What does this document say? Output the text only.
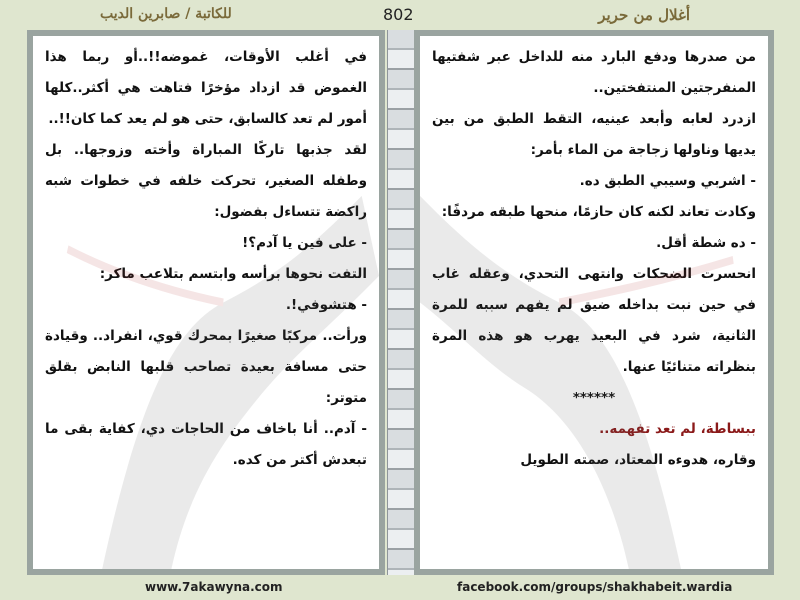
للكاتبة / صابرين الديب	802	أغلال من حرير

في أغلب الأوقات، غموضه!!..أو ربما هذا الغموض قد ازداد مؤخرًا فتاهت هي أكثر..كلها أمور لم تعد كالسابق، حتى هو لم يعد كما كان!!..

لقد جذبها تاركًا المباراة وأخته وزوجها.. بل وطفله الصغير، تحركت خلفه في خطوات شبه راكضة تتساءل بفضول:

- على فين يا آدم؟!

التفت نحوها برأسه وابتسم بتلاعب ماكر:

- هتشوفي!.

ورأت.. مركبًا صغيرًا بمحرك قوي، انفراد.. وقيادة حتى مسافة بعيدة تصاحب قلبها النابض بقلق متوتر:

- آدم.. أنا باخاف من الحاجات دي، كفاية بقى ما تبعدش أكتر من كده.

من صدرها ودفع البارد منه للداخل عبر شفتيها المنفرجتين المنتفختين..

ازدرد لعابه وأبعد عينيه، التقط الطبق من بين يديها وناولها زجاجة من الماء بأمر:

- اشربي وسيبي الطبق ده.

وكادت تعاند لكنه كان حازمًا، منحها طبقه مردفًا:

- ده شطة أقل.

انحسرت الضحكات وانتهى التحدي، وعقله غاب في حين نبت بداخله ضيق لم يفهم سببه للمرة الثانية، شرد في البعيد يهرب هو هذه المرة بنظراته متنائيًا عنها.

******

ببساطة، لم تعد تفهمه..

وقاره، هدوءه المعتاد، صمته الطويل

www.7akawyna.com	facebook.com/groups/shakhabeit.wardia
